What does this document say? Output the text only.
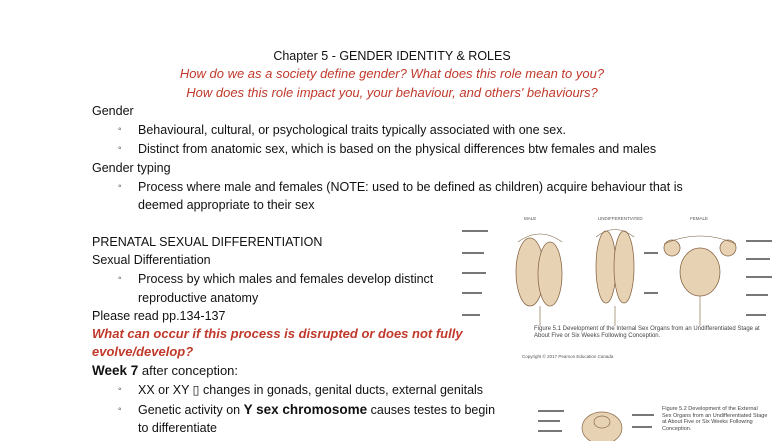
Chapter 5 - GENDER IDENTITY & ROLES
How do we as a society define gender? What does this role mean to you?
How does this role impact you, your behaviour, and others' behaviours?
Gender
◦ Behavioural, cultural, or psychological traits typically associated with one sex.
◦ Distinct from anatomic sex, which is based on the physical differences btw females and males
Gender typing
◦ Process where male and females (NOTE: used to be defined as children) acquire behaviour that is
deemed appropriate to their sex
PRENATAL SEXUAL DIFFERENTIATION
Sexual Differentiation
◦ Process by which males and females develop distinct
reproductive anatomy
Please read pp.134-137
What can occur if this process is disrupted or does not fully
evolve/develop?
Week 7 after conception:
◦ XX or XY ▯ changes in gonads, genital ducts, external genitals
◦ Genetic activity on Y sex chromosome causes testes to begin
to differentiate
MALE	UNDIFFERENTIATED	FEMALE
Figure 5.1 Development of the Internal Sex Organs from an Undifferentiated Stage at About Five or Six Weeks Following Conception.
Copyright © 2017 Pearson Education Canada
Figure 5.2 Development of the External Sex Organs from an Undifferentiated Stage at About Five or Six Weeks Following Conception.
